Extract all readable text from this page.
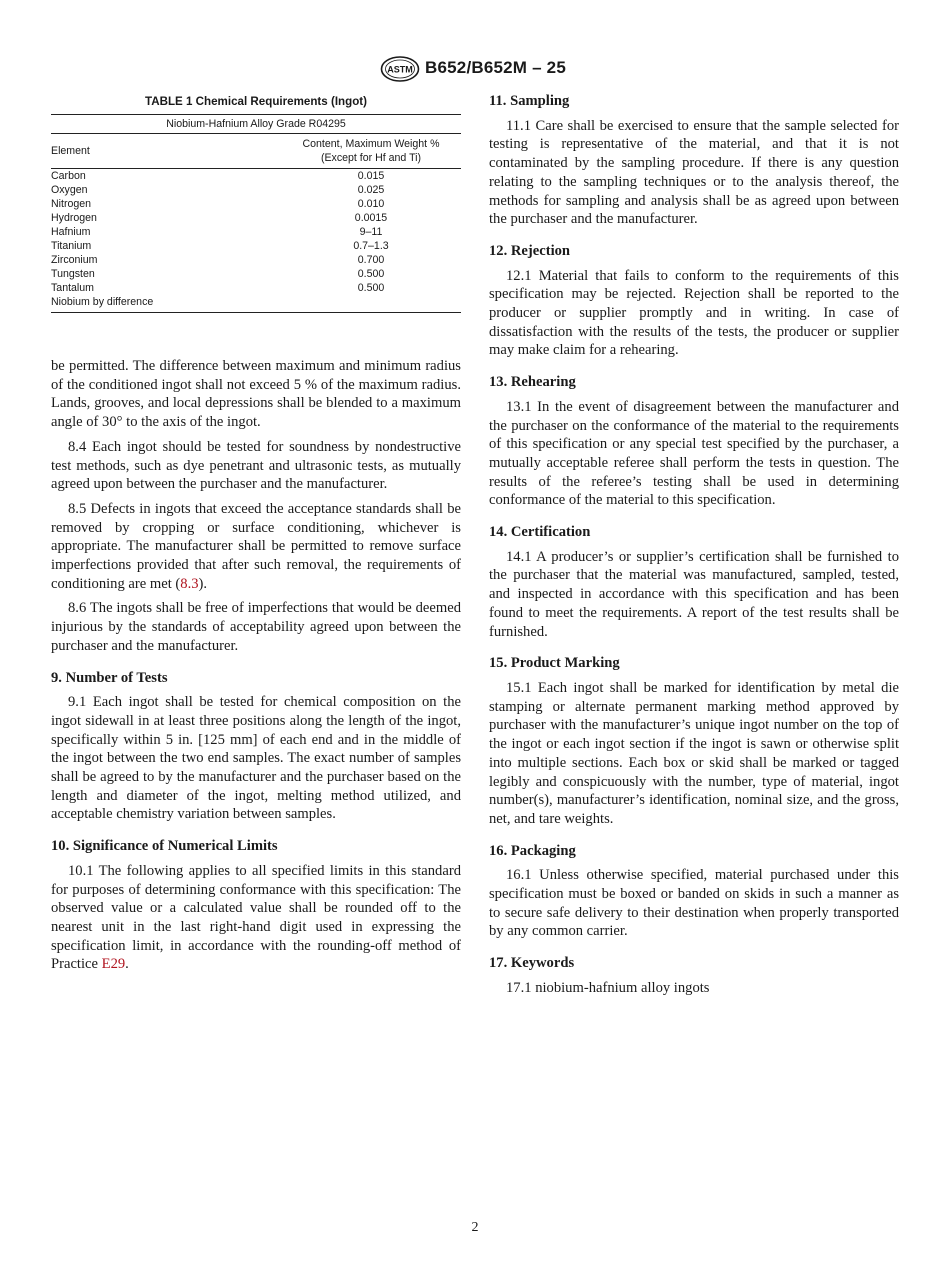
ASTM B652/B652M – 25
TABLE 1 Chemical Requirements (Ingot)
Niobium-Hafnium Alloy Grade R04295	
Element	Content, Maximum Weight %
(Except for Hf and Ti)

Carbon	0.015
Oxygen	0.025
Nitrogen	0.010
Hydrogen	0.0015
Hafnium	9–11
Titanium	0.7–1.3
Zirconium	0.700
Tungsten	0.500
Tantalum	0.500
Niobium by difference	

be permitted. The difference between maximum and minimum radius of the conditioned ingot shall not exceed 5 % of the maximum radius. Lands, grooves, and local depressions shall be blended to a maximum angle of 30° to the axis of the ingot.

8.4 Each ingot should be tested for soundness by nondestructive test methods, such as dye penetrant and ultrasonic tests, as mutually agreed upon between the purchaser and the manufacturer.

8.5 Defects in ingots that exceed the acceptance standards shall be removed by cropping or surface conditioning, whichever is appropriate. The manufacturer shall be permitted to remove surface imperfections provided that after such removal, the requirements of conditioning are met (8.3).

8.6 The ingots shall be free of imperfections that would be deemed injurious by the standards of acceptability agreed upon between the purchaser and the manufacturer.

9. Number of Tests

9.1 Each ingot shall be tested for chemical composition on the ingot sidewall in at least three positions along the length of the ingot, specifically within 5 in. [125 mm] of each end and in the middle of the ingot between the two end samples. The exact number of samples shall be agreed to by the manufacturer and the purchaser based on the length and diameter of the ingot, melting method utilized, and acceptable chemistry variation between samples.

10. Significance of Numerical Limits

10.1 The following applies to all specified limits in this standard for purposes of determining conformance with this specification: The observed value or a calculated value shall be rounded off to the nearest unit in the last right-hand digit used in expressing the specification limit, in accordance with the rounding-off method of Practice E29.

11. Sampling

11.1 Care shall be exercised to ensure that the sample selected for testing is representative of the material, and that it is not contaminated by the sampling procedure. If there is any question relating to the sampling techniques or to the analysis thereof, the methods for sampling and analysis shall be as agreed upon between the purchaser and the manufacturer.

12. Rejection

12.1 Material that fails to conform to the requirements of this specification may be rejected. Rejection shall be reported to the producer or supplier promptly and in writing. In case of dissatisfaction with the results of the tests, the producer or supplier may make claim for a rehearing.

13. Rehearing

13.1 In the event of disagreement between the manufacturer and the purchaser on the conformance of the material to the requirements of this specification or any special test specified by the purchaser, a mutually acceptable referee shall perform the tests in question. The results of the referee’s testing shall be used in determining conformance of the material to this specification.

14. Certification

14.1 A producer’s or supplier’s certification shall be furnished to the purchaser that the material was manufactured, sampled, tested, and inspected in accordance with this specification and has been found to meet the requirements. A report of the test results shall be furnished.

15. Product Marking

15.1 Each ingot shall be marked for identification by metal die stamping or alternate permanent marking method approved by purchaser with the manufacturer’s unique ingot number on the top of the ingot or each ingot section if the ingot is sawn or otherwise split into multiple sections. Each box or skid shall be marked or tagged legibly and conspicuously with the number, type of material, ingot number(s), manufacturer’s identification, nominal size, and the gross, net, and tare weights.

16. Packaging

16.1 Unless otherwise specified, material purchased under this specification must be boxed or banded on skids in such a manner as to secure safe delivery to their destination when properly transported by any common carrier.

17. Keywords

17.1 niobium-hafnium alloy ingots

2
